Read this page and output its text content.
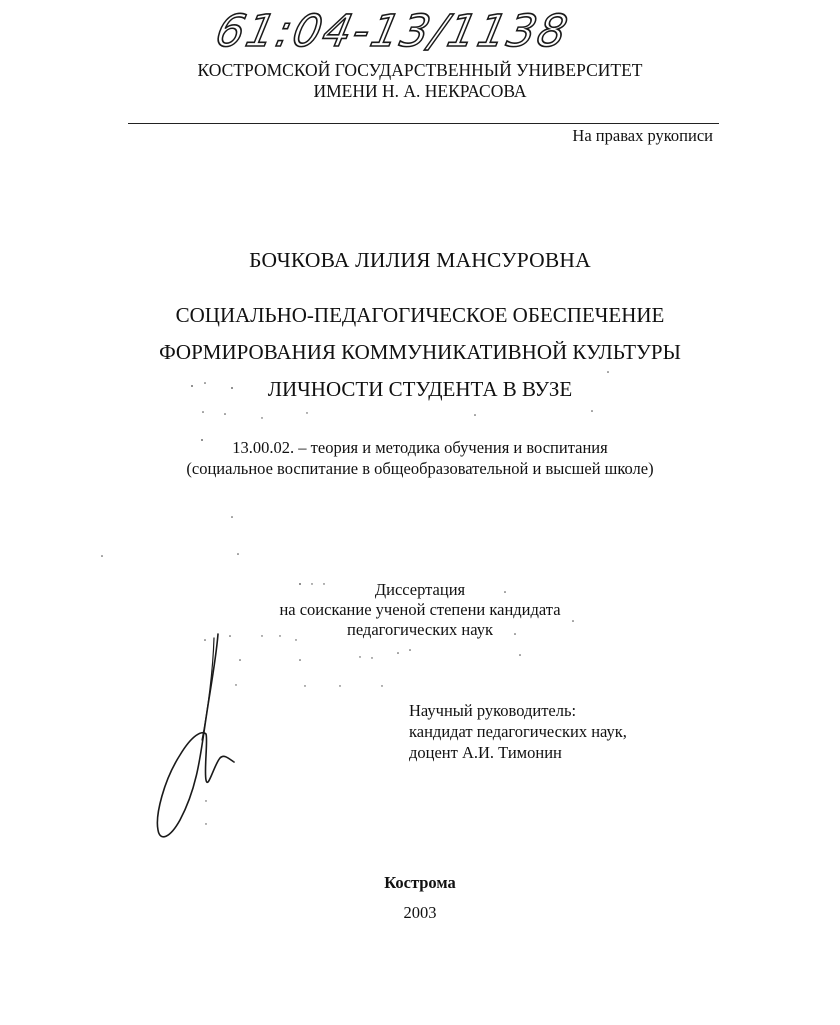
61:04-13/1138
КОСТРОМСКОЙ ГОСУДАРСТВЕННЫЙ УНИВЕРСИТЕТ
ИМЕНИ Н. А. НЕКРАСОВА
На правах рукописи
БОЧКОВА ЛИЛИЯ МАНСУРОВНА
СОЦИАЛЬНО-ПЕДАГОГИЧЕСКОЕ ОБЕСПЕЧЕНИЕ
ФОРМИРОВАНИЯ КОММУНИКАТИВНОЙ КУЛЬТУРЫ
ЛИЧНОСТИ СТУДЕНТА В ВУЗЕ
13.00.02. – теория и методика обучения и воспитания
(социальное воспитание в общеобразовательной и высшей школе)
Диссертация
на соискание ученой степени кандидата
педагогических наук
Научный руководитель:
кандидат педагогических наук,
доцент А.И. Тимонин
Кострома
2003
